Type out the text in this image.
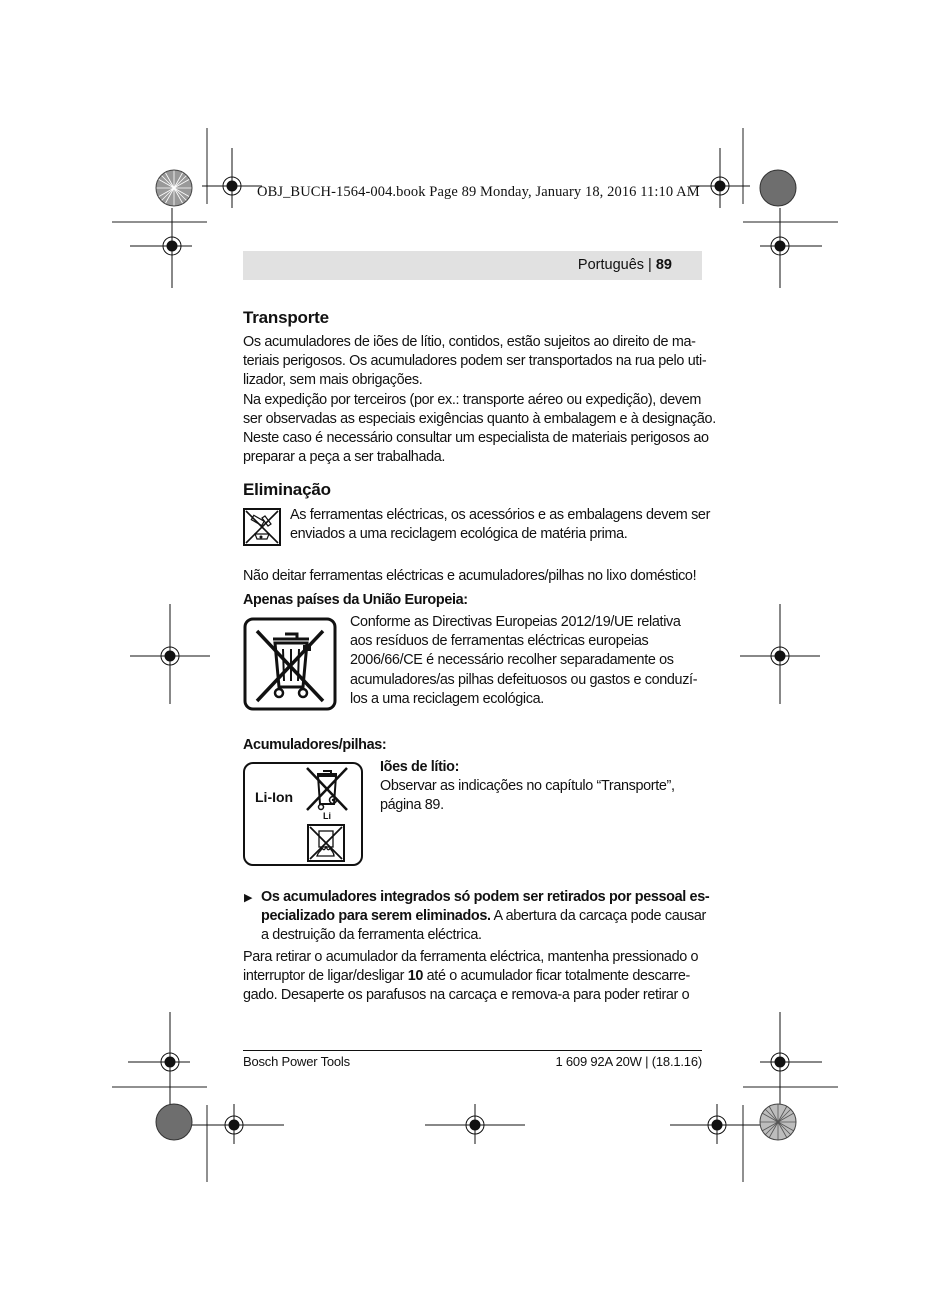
OBJ_BUCH-1564-004.book Page 89 Monday, January 18, 2016 11:10 AM
Português | 89
Transporte

Os acumuladores de iões de lítio, contidos, estão sujeitos ao direito de ma-

teriais perigosos. Os acumuladores podem ser transportados na rua pelo uti-

lizador, sem mais obrigações.

Na expedição por terceiros (por ex.: transporte aéreo ou expedição), devem

ser observadas as especiais exigências quanto à embalagem e à designação.

Neste caso é necessário consultar um especialista de materiais perigosos ao

preparar a peça a ser trabalhada.

Eliminação

As ferramentas eléctricas, os acessórios e as embalagens devem ser

enviados a uma reciclagem ecológica de matéria prima.

Não deitar ferramentas eléctricas e acumuladores/pilhas no lixo doméstico!
Apenas países da União Europeia:

Conforme as Directivas Europeias 2012/19/UE relativa

aos resíduos de ferramentas eléctricas europeias

2006/66/CE é necessário recolher separadamente os

acumuladores/as pilhas defeituosos ou gastos e conduzí-

los a uma reciclagem ecológica.

Acumuladores/pilhas:
Li-Ion
Li
Iões de lítio:

Observar as indicações no capítulo “Transporte”,

página 89.

▶ Os acumuladores integrados só podem ser retirados por pessoal es-

pecializado para serem eliminados. A abertura da carcaça pode causar

a destruição da ferramenta eléctrica.

Para retirar o acumulador da ferramenta eléctrica, mantenha pressionado o

interruptor de ligar/desligar 10 até o acumulador ficar totalmente descarre-

gado. Desaperte os parafusos na carcaça e remova-a para poder retirar o

Bosch Power Tools	1 609 92A 20W | (18.1.16)
